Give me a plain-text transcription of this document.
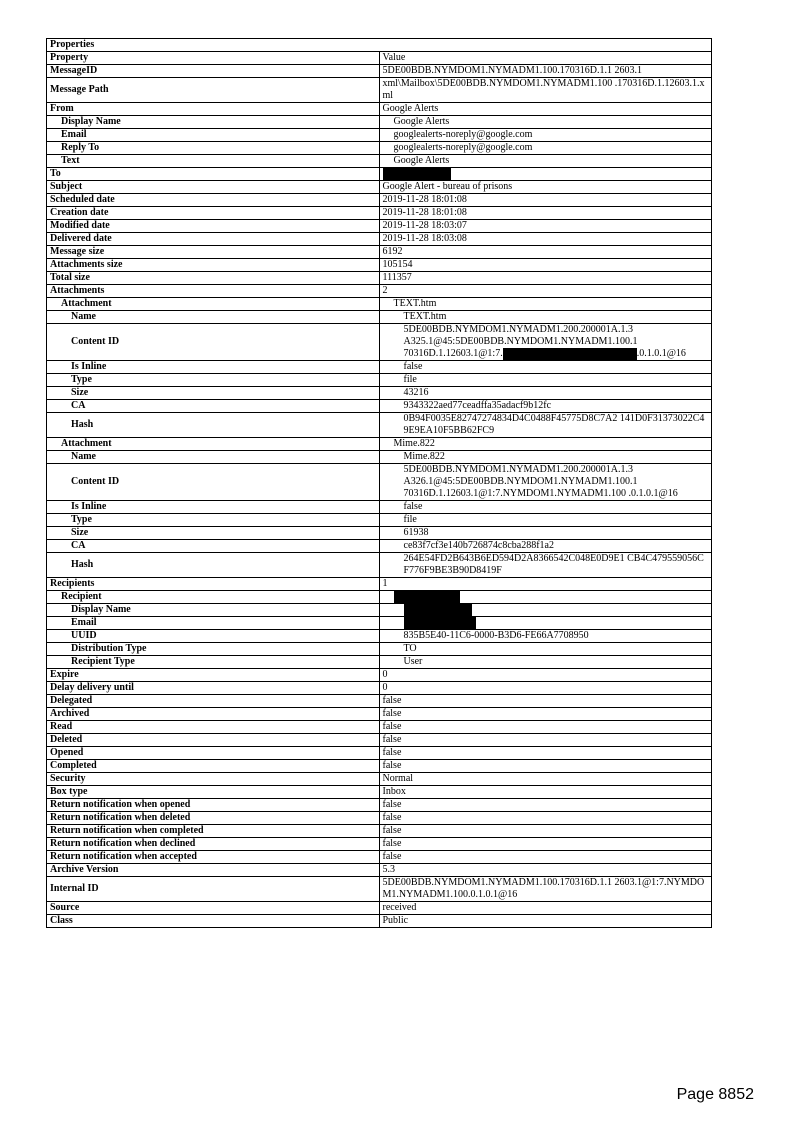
Properties	
Property	Value
MessageID	5DE00BDB.NYMDOM1.NYMADM1.100.170316D.1.1 2603.1
Message Path	xml\Mailbox\5DE00BDB.NYMDOM1.NYMADM1.100 .170316D.1.12603.1.xml
From	Google Alerts
Display Name	Google Alerts
Email	googlealerts-noreply@google.com
Reply To	googlealerts-noreply@google.com
Text	Google Alerts
To	
Subject	Google Alert - bureau of prisons
Scheduled date	2019-11-28 18:01:08
Creation date	2019-11-28 18:01:08
Modified date	2019-11-28 18:03:07
Delivered date	2019-11-28 18:03:08
Message size	6192
Attachments size	105154
Total size	111357
Attachments	2
Attachment	TEXT.htm
Name	TEXT.htm
Content ID	5DE00BDB.NYMDOM1.NYMADM1.200.200001A.1.3
A325.1@45:5DE00BDB.NYMDOM1.NYMADM1.100.1
70316D.1.12603.1@1:7. .0.1.0.1@16

Is Inline	false
Type	file
Size	43216
CA	9343322aed77ceadffa35adacf9b12fc
Hash	0B94F0035E82747274834D4C0488F45775D8C7A2 141D0F31373022C49E9EA10F5BB62FC9
Attachment	Mime.822
Name	Mime.822
Content ID	5DE00BDB.NYMDOM1.NYMADM1.200.200001A.1.3
A326.1@45:5DE00BDB.NYMDOM1.NYMADM1.100.1
70316D.1.12603.1@1:7.NYMDOM1.NYMADM1.100 .0.1.0.1@16

Is Inline	false
Type	file
Size	61938
CA	ce83f7cf3e140b726874c8cba288f1a2
Hash	264E54FD2B643B6ED594D2A8366542C048E0D9E1 CB4C479559056CF776F9BE3B90D8419F
Recipients	1
Recipient	
Display Name	
Email	
UUID	835B5E40-11C6-0000-B3D6-FE66A7708950
Distribution Type	TO
Recipient Type	User
Expire	0
Delay delivery until	0
Delegated	false
Archived	false
Read	false
Deleted	false
Opened	false
Completed	false
Security	Normal
Box type	Inbox
Return notification when opened	false
Return notification when deleted	false
Return notification when completed	false
Return notification when declined	false
Return notification when accepted	false
Archive Version	5.3
Internal ID	5DE00BDB.NYMDOM1.NYMADM1.100.170316D.1.1 2603.1@1:7.NYMDOM1.NYMADM1.100.0.1.0.1@16
Source	received
Class	Public
Page 8852
